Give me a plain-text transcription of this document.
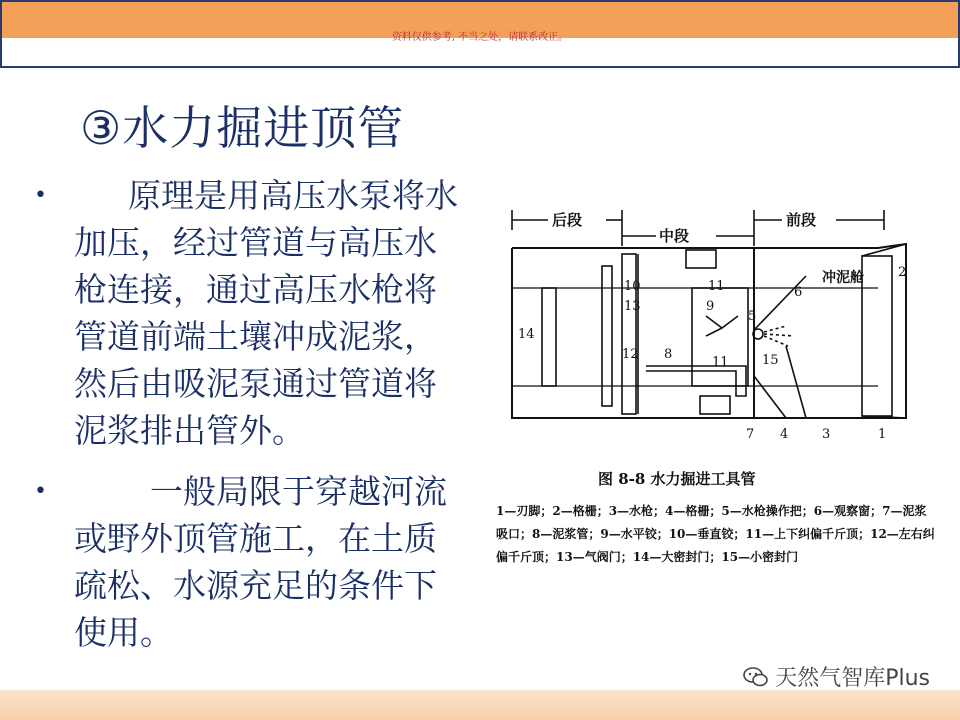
资料仅供参考, 不当之处，请联系改正。
③水力掘进顶管
• 原理是用高压水泵将水加压，经过管道与高压水枪连接，通过高压水枪将管道前端土壤冲成泥浆，然后由吸泥泵通过管道将泥浆排出管外。
•	一般局限于穿越河流或野外顶管施工，在土质疏松、水源充足的条件下使用。
后段
中段
前段
冲泥舱
1
2
3
4
5
6
7
8
9
10	11
11
12
13
14
15
图 8-8 水力掘进工具管
1—刃脚；2—格栅；3—水枪；4—格栅；5—水枪操作把；6—观察窗；7—泥浆吸口；8—泥浆管；9—水平铰；10—垂直铰；11—上下纠偏千斤顶；12—左右纠偏千斤顶；13—气阀门；14—大密封门；15—小密封门
天然气智库Plus
